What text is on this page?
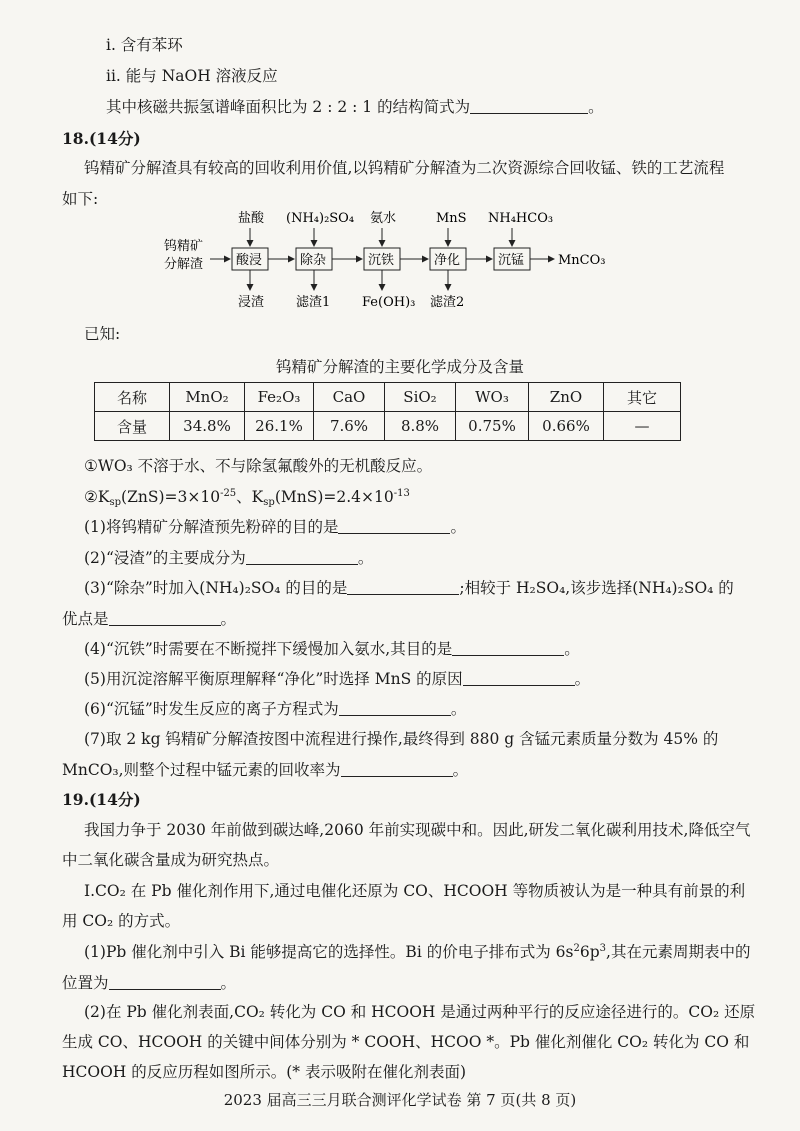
i. 含有苯环
ii. 能与 NaOH 溶液反应
其中核磁共振氢谱峰面积比为 2 : 2 : 1 的结构简式为	。
18.(14分)
钨精矿分解渣具有较高的回收利用价值,以钨精矿分解渣为二次资源综合回收锰、铁的工艺流程
如下:
钨精矿
分解渣
盐酸 (NH₄)₂SO₄ 氨水	MnS NH₄HCO₃
酸浸	除杂	沉铁	净化	沉锰	MnCO₃
浸渣 滤渣1 Fe(OH)₃ 滤渣2
已知:
钨精矿分解渣的主要化学成分及含量
名称	MnO₂	Fe₂O₃	CaO	SiO₂	WO₃	ZnO	其它
含量	34.8%	26.1%	7.6%	8.8%	0.75%	0.66%	—
①WO₃ 不溶于水、不与除氢氟酸外的无机酸反应。
$②K_{sp}(ZnS)=3\times 10^{-25}$、$K_{sp}(MnS)=2.4\times 10^{-13}$
(1)将钨精矿分解渣预先粉碎的目的是	。
(2)“浸渣”的主要成分为	。
(3)“除杂”时加入(NH₄)₂SO₄ 的目的是	;相较于 H₂SO₄,该步选择(NH₄)₂SO₄ 的
优点是	。
(4)“沉铁”时需要在不断搅拌下缓慢加入氨水,其目的是	。
(5)用沉淀溶解平衡原理解释“净化”时选择 MnS 的原因	。
(6)“沉锰”时发生反应的离子方程式为	。
(7)取 2 kg 钨精矿分解渣按图中流程进行操作,最终得到 880 g 含锰元素质量分数为 45% 的
MnCO₃,则整个过程中锰元素的回收率为	。
19.(14分)
我国力争于 2030 年前做到碳达峰,2060 年前实现碳中和。因此,研发二氧化碳利用技术,降低空气
中二氧化碳含量成为研究热点。
Ⅰ.CO₂ 在 Pb 催化剂作用下,通过电催化还原为 CO、HCOOH 等物质被认为是一种具有前景的利
用 CO₂ 的方式。
(1)Pb 催化剂中引入 Bi 能够提高它的选择性。Bi 的价电子排布式为 $6s^26p^3$,其在元素周期表中的
位置为	。
(2)在 Pb 催化剂表面,CO₂ 转化为 CO 和 HCOOH 是通过两种平行的反应途径进行的。CO₂ 还原
生成 CO、HCOOH 的关键中间体分别为 * COOH、HCOO *。Pb 催化剂催化 CO₂ 转化为 CO 和
HCOOH 的反应历程如图所示。(* 表示吸附在催化剂表面)
2023 届高三三月联合测评化学试卷 第 7 页(共 8 页)
